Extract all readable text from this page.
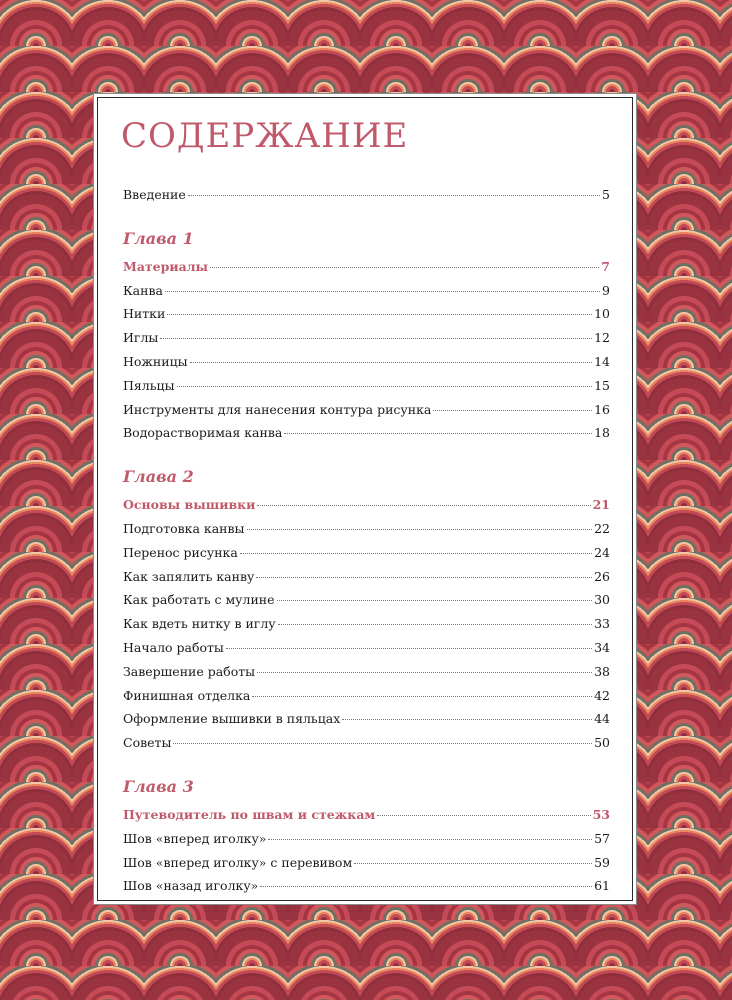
СОДЕРЖАНИЕ
Введение	5
Глава 1
Материалы	7
Канва	9
Нитки	10
Иглы	12
Ножницы	14
Пяльцы	15
Инструменты для нанесения контура рисунка	16
Водорастворимая канва	18
Глава 2
Основы вышивки	21
Подготовка канвы	22
Перенос рисунка	24
Как запялить канву	26
Как работать с мулине	30
Как вдеть нитку в иглу	33
Начало работы	34
Завершение работы	38
Финишная отделка	42
Оформление вышивки в пяльцах	44
Советы	50
Глава 3
Путеводитель по швам и стежкам	53
Шов «вперед иголку»	57
Шов «вперед иголку» с перевивом	59
Шов «назад иголку»	61
